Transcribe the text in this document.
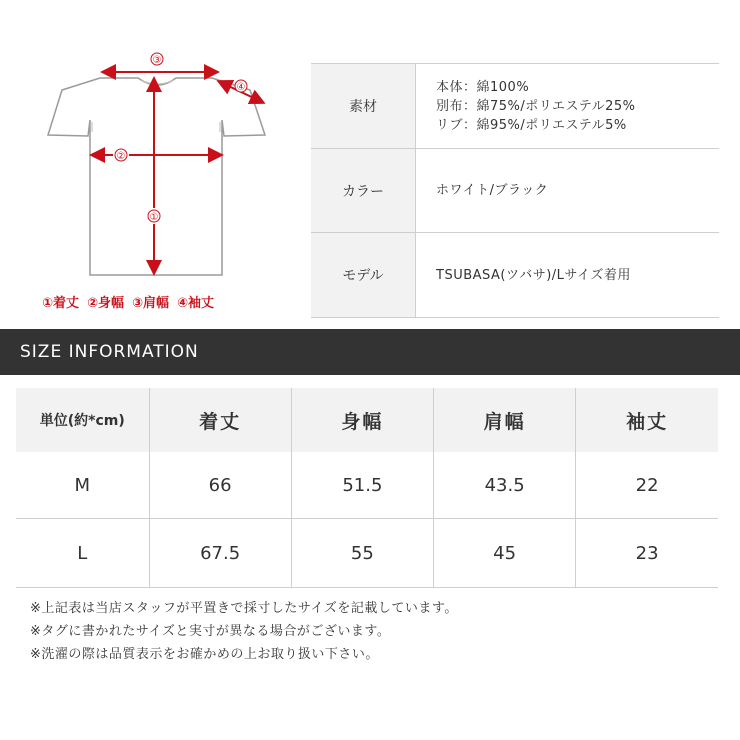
③
④
②
①
①着丈 ②身幅 ③肩幅 ④袖丈
素材	本体：綿100%
別布：綿75%/ポリエステル25%
リブ：綿95%/ポリエステル5%

カラー	ホワイト/ブラック

モデル	TSUBASA(ツバサ)/Lサイズ着用
SIZE INFORMATION
単位(約*cm)	着丈	身幅	肩幅	袖丈
M	66	51.5	43.5	22
L	67.5	55	45	23
※上記表は当店スタッフが平置きで採寸したサイズを記載しています。
※タグに書かれたサイズと実寸が異なる場合がございます。
※洗濯の際は品質表示をお確かめの上お取り扱い下さい。
